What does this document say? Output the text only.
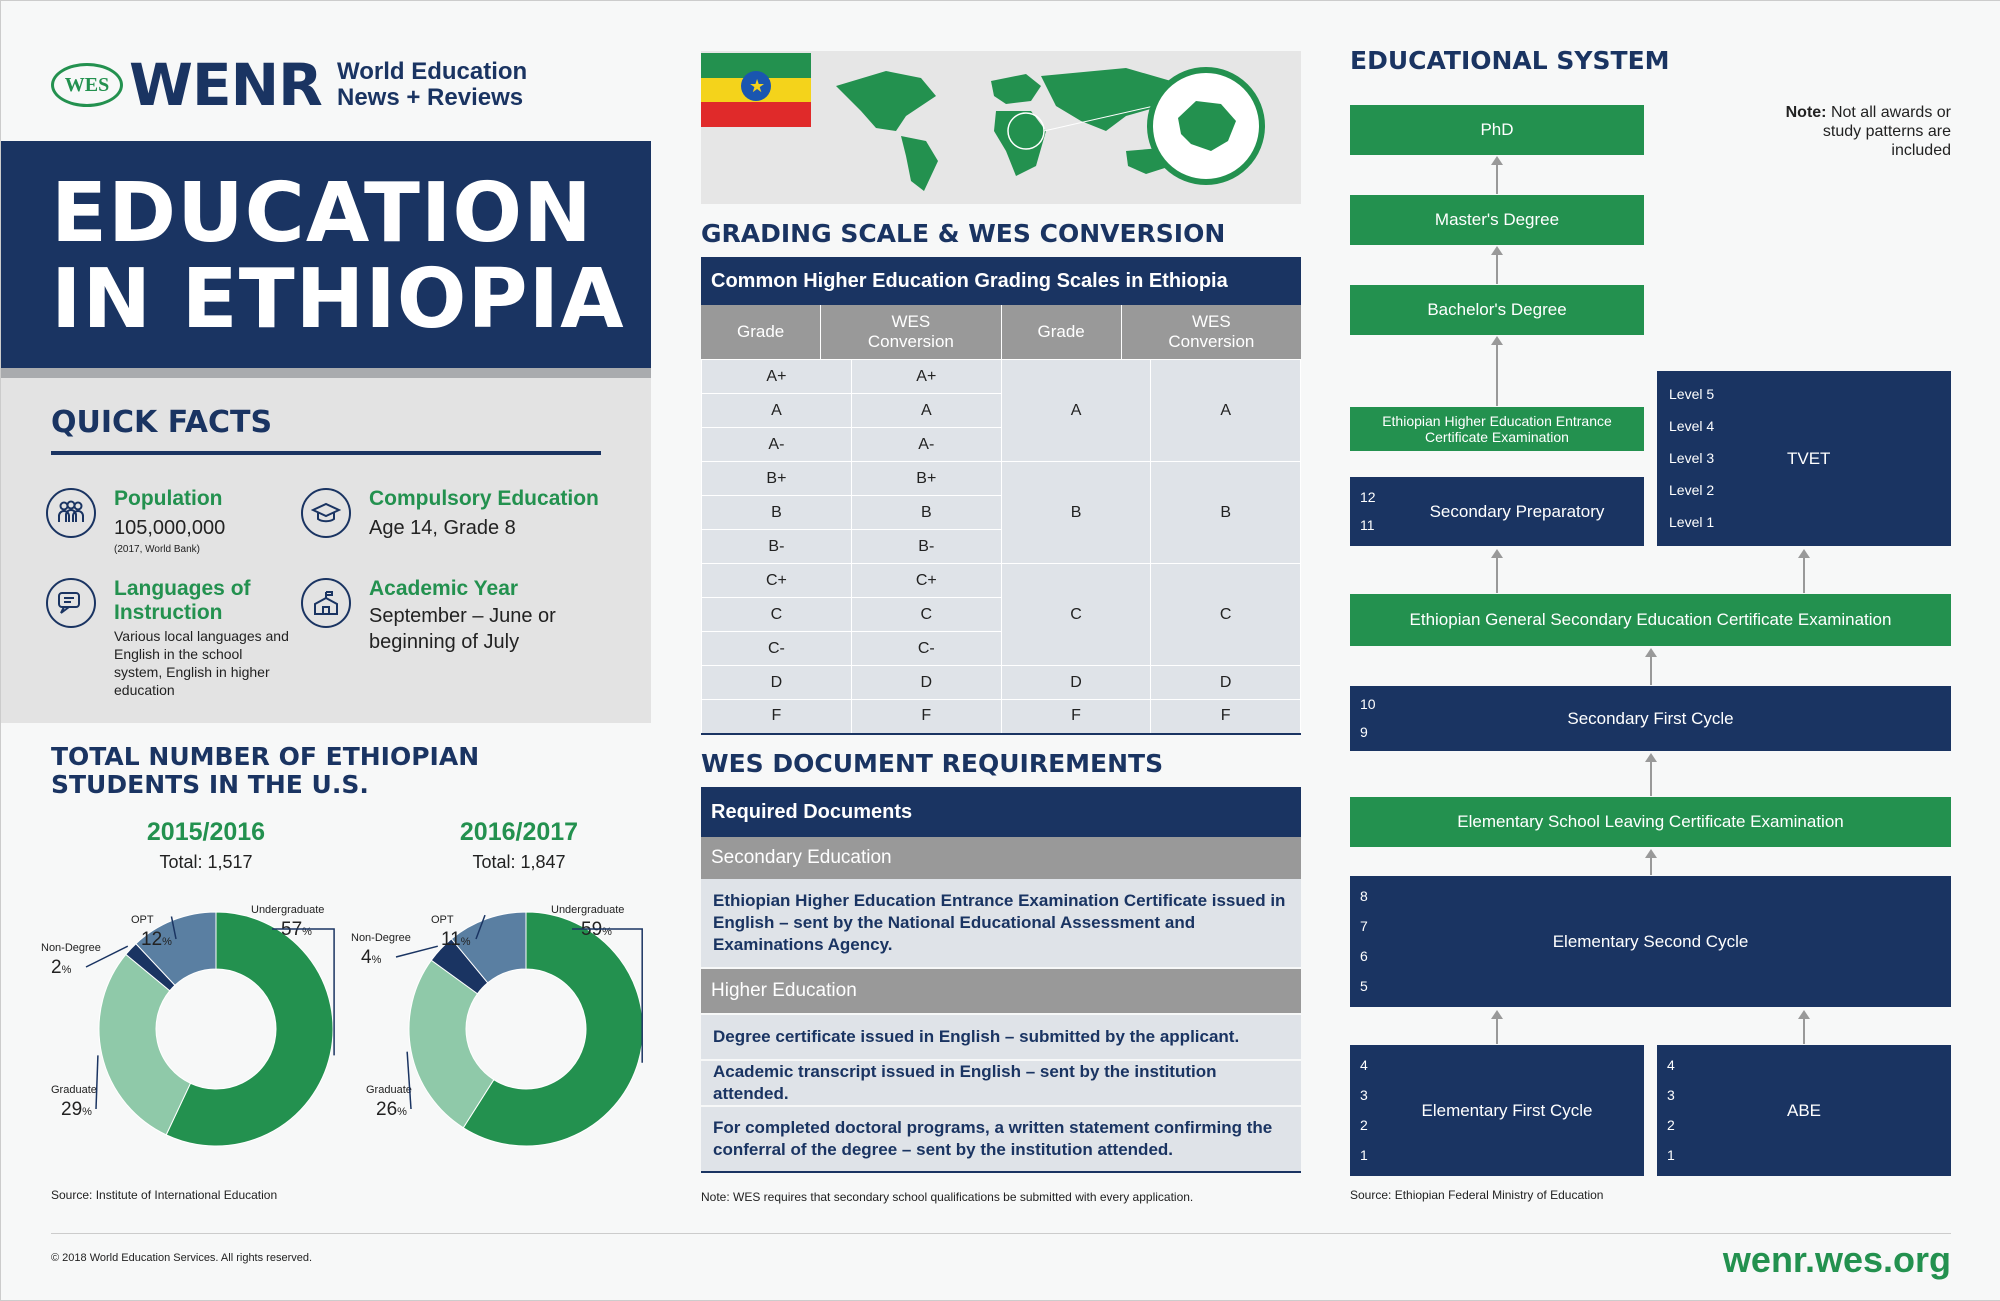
WES WENR World Education News + Reviews
EDUCATION
IN ETHIOPIA
QUICK FACTS
Population
105,000,000
(2017, World Bank)
Compulsory Education
Age 14, Grade 8
Languages of Instruction
Various local languages and English in the school system, English in higher education
Academic Year
September – June or beginning of July
TOTAL NUMBER OF ETHIOPIAN STUDENTS IN THE U.S.
2015/2016
Total: 1,517
2016/2017
Total: 1,847
Undergraduate
57%
Graduate
29%
Non-Degree
2%
OPT
12%
Undergraduate
59%
Graduate
26%
Non-Degree
4%
OPT
11%
Source: Institute of International Education
★
GRADING SCALE & WES CONVERSION
Common Higher Education Grading Scales in Ethiopia
Grade
WES Conversion
Grade
WES Conversion
A+	A+	A	A
A	A		
A-	A-		
B+	B+	B	B
B	B		
B-	B-		
C+	C+	C	C
C	C		
C-	C-		
D	D	D	D
F	F	F	F
WES DOCUMENT REQUIREMENTS
Required Documents
Secondary Education
Ethiopian Higher Education Entrance Examination Certificate issued in English – sent by the National Educational Assessment and Examinations Agency.
Higher Education
Degree certificate issued in English – submitted by the applicant.
Academic transcript issued in English – sent by the institution attended.
For completed doctoral programs, a written statement confirming the conferral of the degree – sent by the institution attended.
Note: WES requires that secondary school qualifications be submitted with every application.
EDUCATIONAL SYSTEM
Note: Not all awards or study patterns are included
PhD
Master's Degree
Bachelor's Degree
Ethiopian Higher Education Entrance Certificate Examination
12
11
Secondary Preparatory
Level 5
Level 4
Level 3
Level 2
Level 1
TVET
Ethiopian General Secondary Education Certificate Examination
10
9
Secondary First Cycle
Elementary School Leaving Certificate Examination
8
7
6
5
Elementary Second Cycle
4
3
2
1
Elementary First Cycle
4
3
2
1
ABE
Source: Ethiopian Federal Ministry of Education
© 2018 World Education Services. All rights reserved.	wenr.wes.org
